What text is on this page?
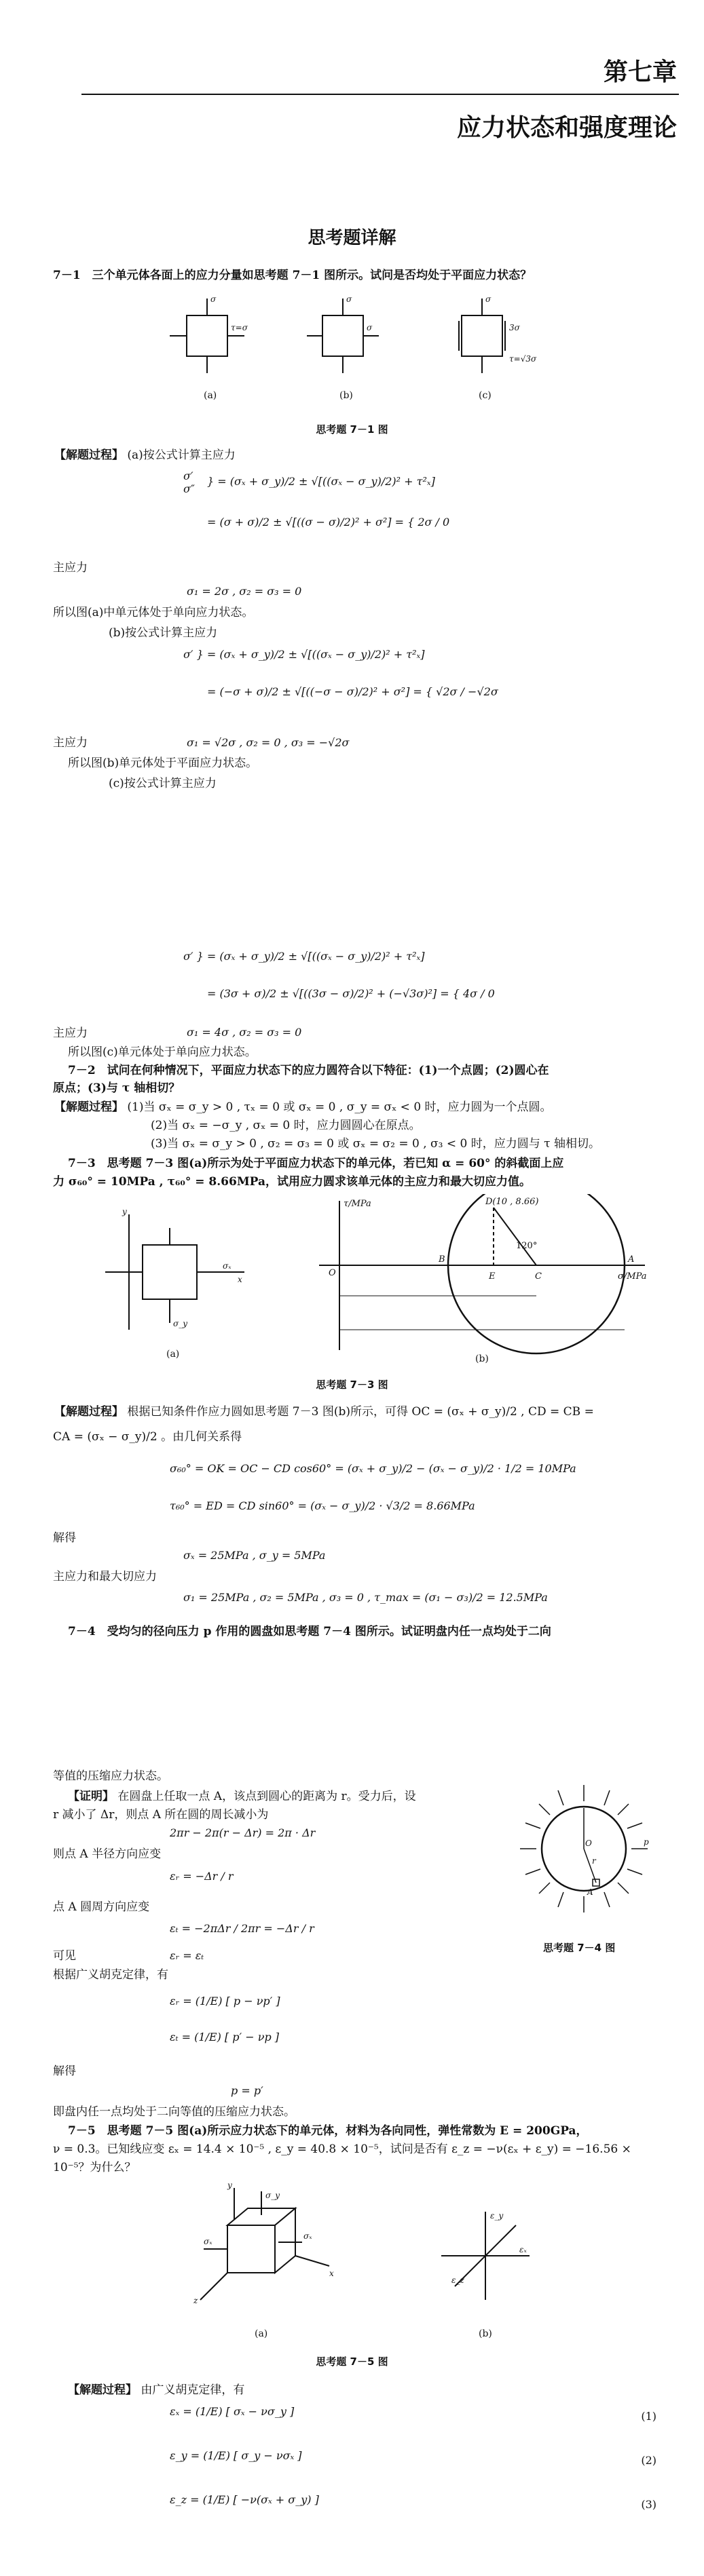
第七章
应力状态和强度理论
思考题详解
7－1　三个单元体各面上的应力分量如思考题 7－1 图所示。试问是否均处于平面应力状态？
σ
τ=σ
σ
σ
σ
3σ
τ=√3σ
(a)	(b)	(c)
思考题 7－1 图
【解题过程】 (a)按公式计算主应力
σ′
σ″
} = (σₓ + σ_y)/2 ± √[((σₓ − σ_y)/2)² + τ²ₓ]
= (σ + σ)/2 ± √[((σ − σ)/2)² + σ²] = { 2σ / 0
主应力
σ₁ = 2σ , σ₂ = σ₃ = 0
所以图(a)中单元体处于单向应力状态。
(b)按公式计算主应力
σ′ } = (σₓ + σ_y)/2 ± √[((σₓ − σ_y)/2)² + τ²ₓ]
= (−σ + σ)/2 ± √[((−σ − σ)/2)² + σ²] = { √2σ / −√2σ
主应力	σ₁ = √2σ , σ₂ = 0 , σ₃ = −√2σ
所以图(b)单元体处于平面应力状态。
(c)按公式计算主应力
σ′ } = (σₓ + σ_y)/2 ± √[((σₓ − σ_y)/2)² + τ²ₓ]
= (3σ + σ)/2 ± √[((3σ − σ)/2)² + (−√3σ)²] = { 4σ / 0
主应力	σ₁ = 4σ , σ₂ = σ₃ = 0
所以图(c)单元体处于单向应力状态。
7－2　试问在何种情况下，平面应力状态下的应力圆符合以下特征：(1)一个点圆；(2)圆心在
原点；(3)与 τ 轴相切？
【解题过程】 (1)当 σₓ = σ_y > 0 , τₓ = 0 或 σₓ = 0 , σ_y = σₓ < 0 时，应力圆为一个点圆。
(2)当 σₓ = −σ_y , σₓ = 0 时，应力圆圆心在原点。
(3)当 σₓ = σ_y > 0 , σ₂ = σ₃ = 0 或 σₓ = σ₂ = 0 , σ₃ < 0 时，应力圆与 τ 轴相切。
7－3　思考题 7－3 图(a)所示为处于平面应力状态下的单元体，若已知 α = 60° 的斜截面上应
力 σ₆₀° = 10MPa , τ₆₀° = 8.66MPa，试用应力圆求该单元体的主应力和最大切应力值。
y
x
σ_y
σₓ
τ/MPa
σ/MPa
D(10 , 8.66)
120°
O
B
E	C
A
(a)	(b)
思考题 7－3 图
【解题过程】 根据已知条件作应力圆如思考题 7－3 图(b)所示，可得 OC = (σₓ + σ_y)/2 , CD = CB =
CA = (σₓ − σ_y)/2 。由几何关系得
σ₆₀° = OK = OC − CD cos60° = (σₓ + σ_y)/2 − (σₓ − σ_y)/2 · 1/2 = 10MPa
τ₆₀° = ED = CD sin60° = (σₓ − σ_y)/2 · √3/2 = 8.66MPa
解得
σₓ = 25MPa , σ_y = 5MPa
主应力和最大切应力
σ₁ = 25MPa , σ₂ = 5MPa , σ₃ = 0 , τ_max = (σ₁ − σ₃)/2 = 12.5MPa
7－4　受均匀的径向压力 p 作用的圆盘如思考题 7－4 图所示。试证明盘内任一点均处于二向
等值的压缩应力状态。
【证明】 在圆盘上任取一点 A，该点到圆心的距离为 r。受力后，设
r 减小了 Δr，则点 A 所在圆的周长减小为
2πr − 2π(r − Δr) = 2π · Δr
则点 A 半径方向应变
εᵣ = −Δr / r
点 A 圆周方向应变
εₜ = −2πΔr / 2πr = −Δr / r
可见	εᵣ = εₜ
根据广义胡克定律，有
εᵣ = (1/E) [ p − νp′ ]
εₜ = (1/E) [ p′ − νp ]
解得
p = p′
即盘内任一点均处于二向等值的压缩应力状态。
O
r
p
A
思考题 7－4 图
7－5　思考题 7－5 图(a)所示应力状态下的单元体，材料为各向同性，弹性常数为 E = 200GPa，
ν = 0.3。已知线应变 εₓ = 14.4 × 10⁻⁵ , ε_y = 40.8 × 10⁻⁵，试问是否有 ε_z = −ν(εₓ + ε_y) = −16.56 ×
10⁻⁵？为什么？
y
x
z
σ_y
σₓ
σₓ
ε_y
εₓ
ε_z
(a)	(b)
思考题 7－5 图
【解题过程】 由广义胡克定律，有
εₓ = (1/E) [ σₓ − νσ_y ]	(1)
ε_y = (1/E) [ σ_y − νσₓ ]	(2)
ε_z = (1/E) [ −ν(σₓ + σ_y) ]	(3)
